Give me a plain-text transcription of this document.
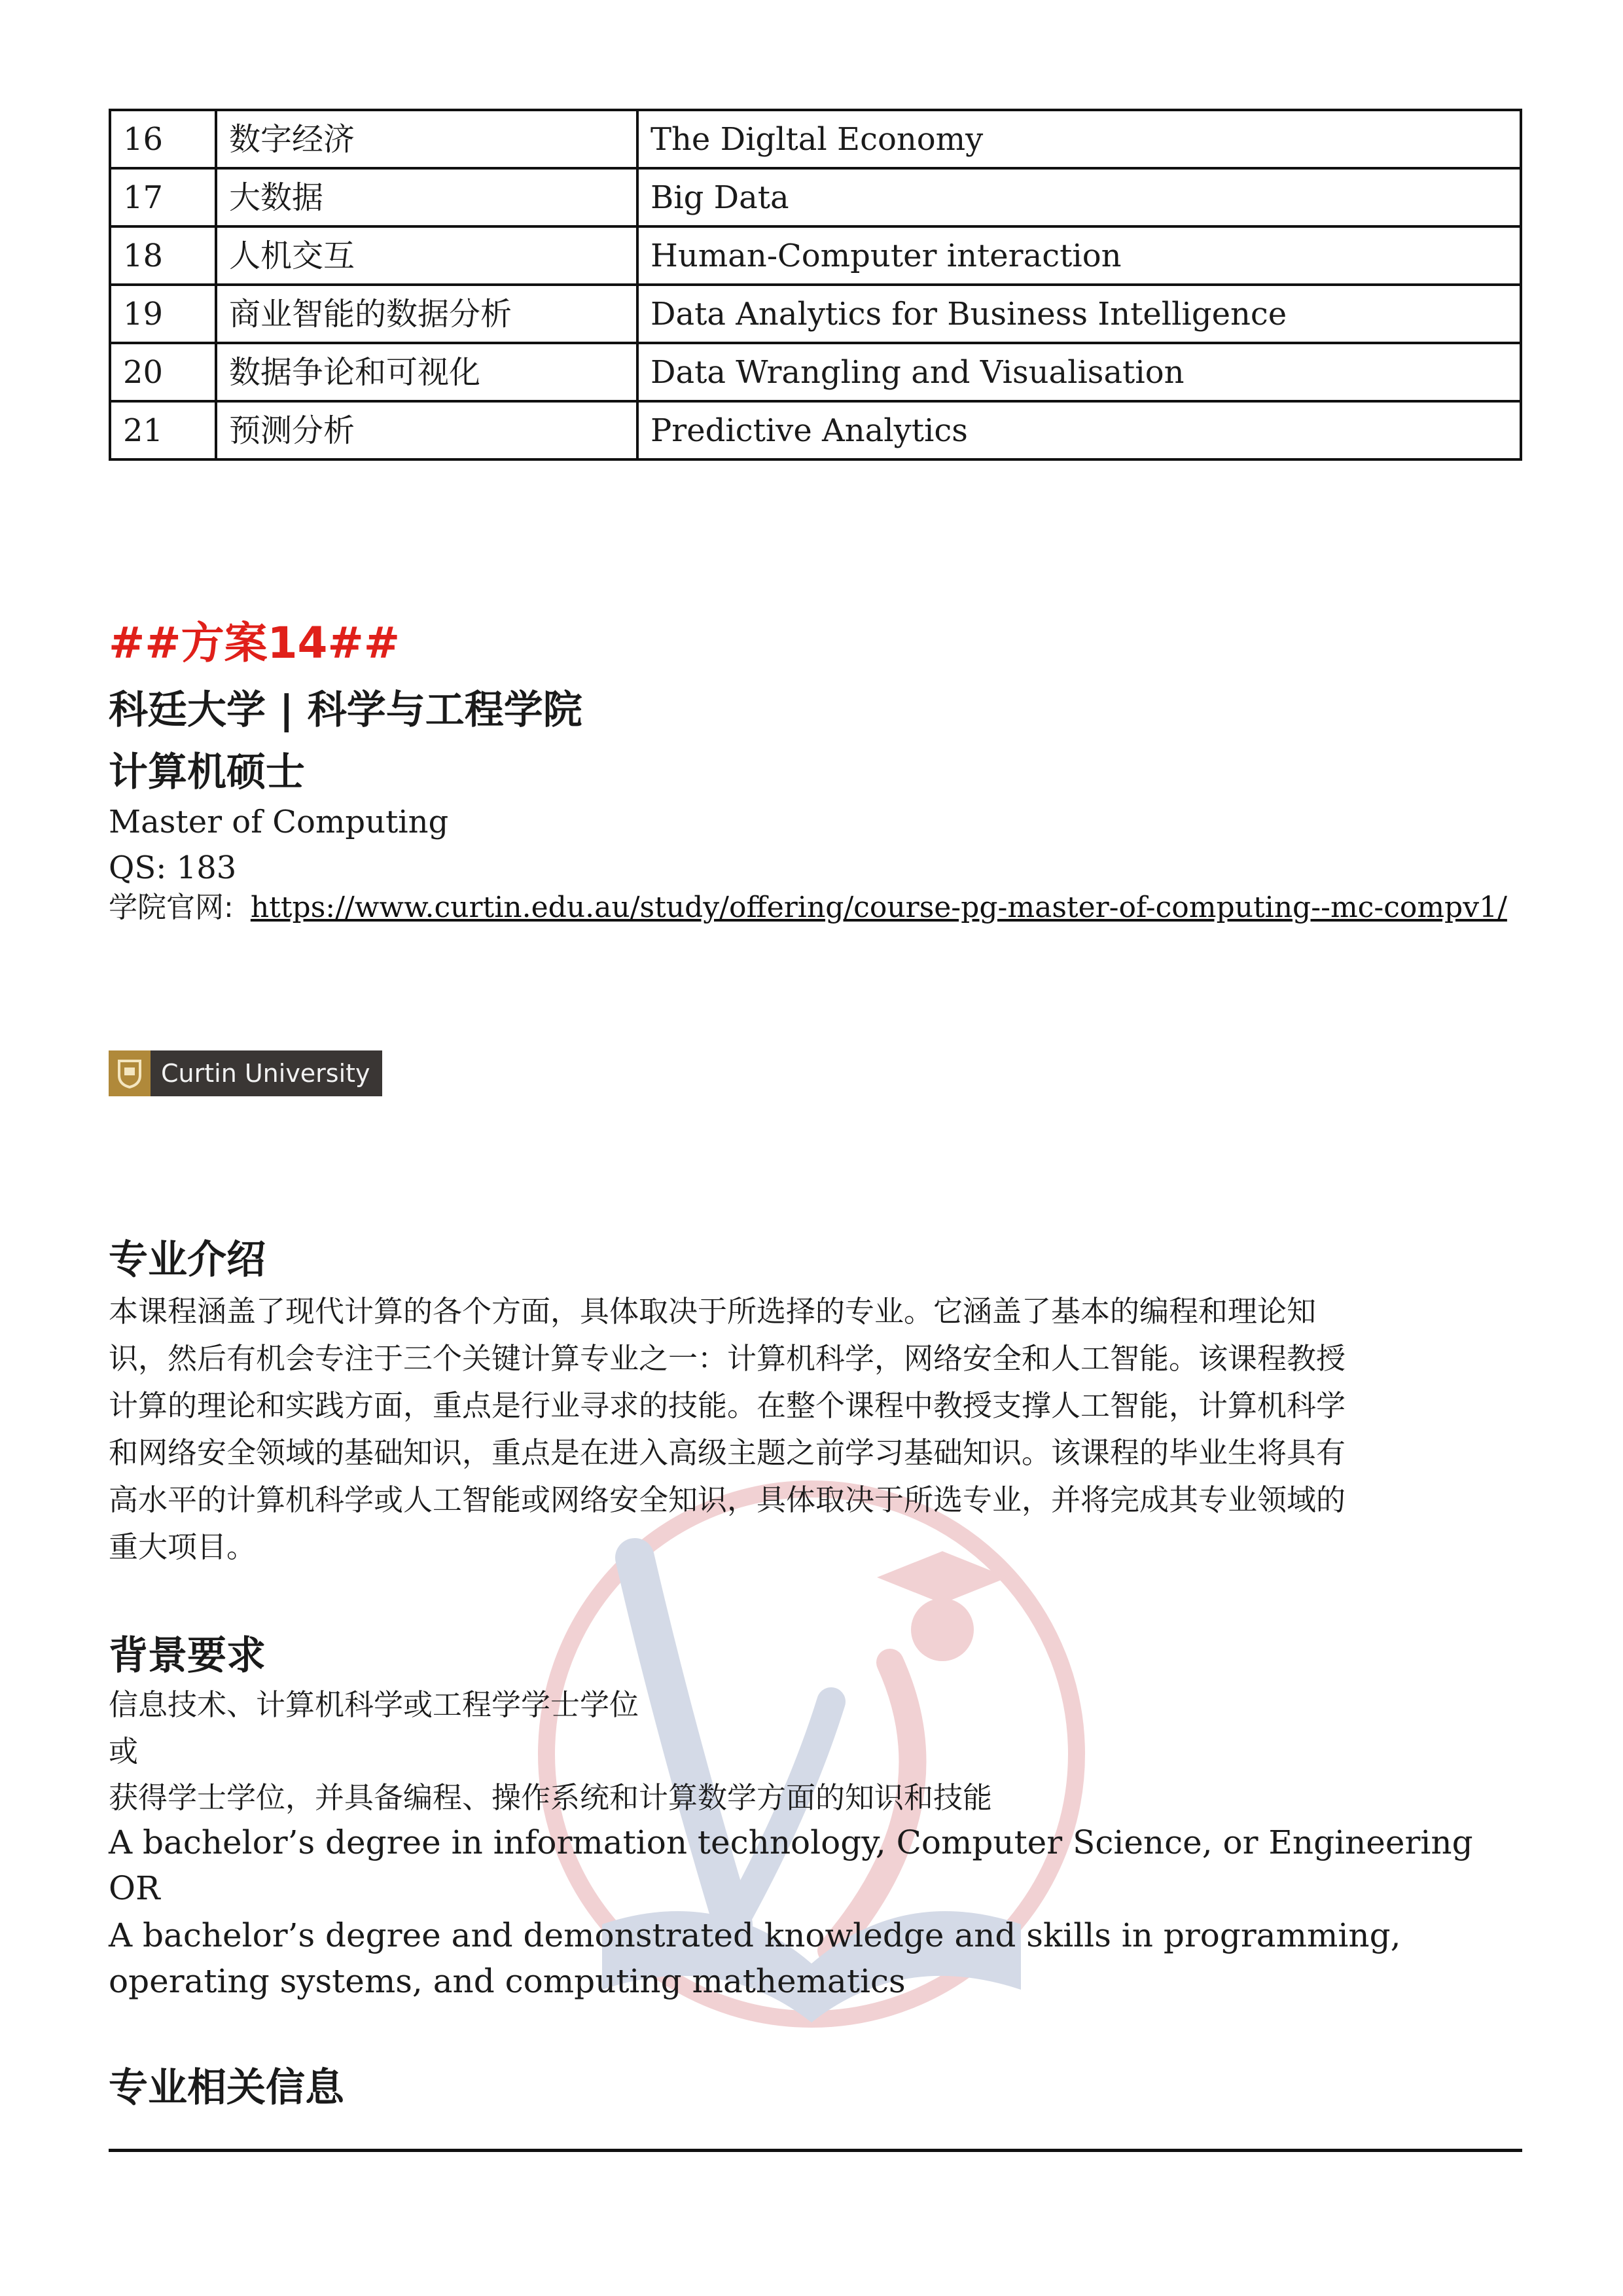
16	数字经济	The Digltal Economy
17	大数据	Big Data
18	人机交互	Human-Computer interaction
19	商业智能的数据分析	Data Analytics for Business Intelligence
20	数据争论和可视化	Data Wrangling and Visualisation
21	预测分析	Predictive Analytics
##方案14##
科廷大学 | 科学与工程学院
计算机硕士
Master of Computing
QS: 183
学院官网: https://www.curtin.edu.au/study/offering/course-pg-master-of-computing--mc-compv1/
Curtin University
专业介绍

本课程涵盖了现代计算的各个方面，具体取决于所选择的专业。它涵盖了基本的编程和理论知
识，然后有机会专注于三个关键计算专业之一：计算机科学，网络安全和人工智能。该课程教授
计算的理论和实践方面，重点是行业寻求的技能。在整个课程中教授支撑人工智能，计算机科学
和网络安全领域的基础知识，重点是在进入高级主题之前学习基础知识。该课程的毕业生将具有
高水平的计算机科学或人工智能或网络安全知识，具体取决于所选专业，并将完成其专业领域的
重大项目。

背景要求

信息技术、计算机科学或工程学学士学位

或

获得学士学位，并具备编程、操作系统和计算数学方面的知识和技能

A bachelor’s degree in information technology, Computer Science, or Engineering

OR

A bachelor’s degree and demonstrated knowledge and skills in programming,

operating systems, and computing mathematics

专业相关信息
